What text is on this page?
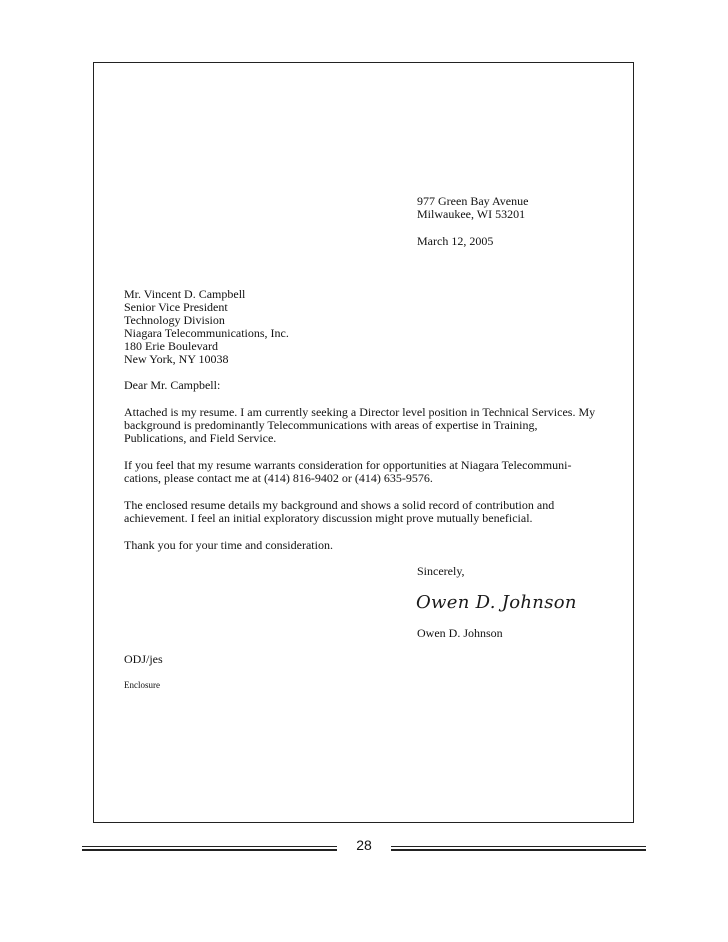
977 Green Bay Avenue
Milwaukee, WI 53201
March 12, 2005
Mr. Vincent D. Campbell
Senior Vice President
Technology Division
Niagara Telecommunications, Inc.
180 Erie Boulevard
New York, NY 10038
Dear Mr. Campbell:
Attached is my resume. I am currently seeking a Director level position in Technical Services. My
background is predominantly Telecommunications with areas of expertise in Training,
Publications, and Field Service.
If you feel that my resume warrants consideration for opportunities at Niagara Telecommuni-
cations, please contact me at (414) 816-9402 or (414) 635-9576.
The enclosed resume details my background and shows a solid record of contribution and
achievement. I feel an initial exploratory discussion might prove mutually beneficial.
Thank you for your time and consideration.
Sincerely,
Owen D. Johnson
Owen D. Johnson
ODJ/jes
Enclosure
28
